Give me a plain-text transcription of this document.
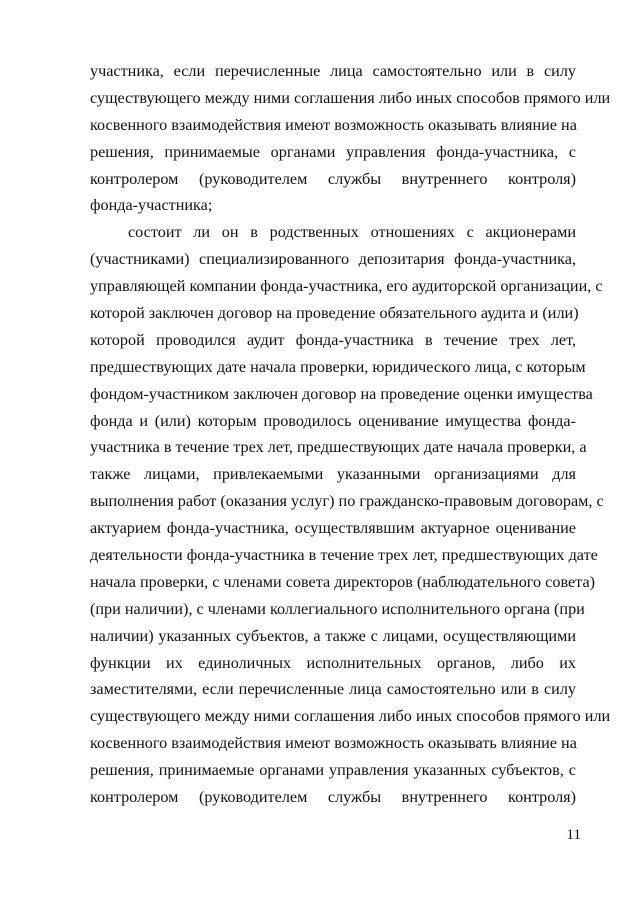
участника, если перечисленные лица самостоятельно или в силу
существующего между ними соглашения либо иных способов прямого или
косвенного взаимодействия имеют возможность оказывать влияние на
решения, принимаемые органами управления фонда-участника, с
контролером (руководителем службы внутреннего контроля)
фонда-участника;
состоит ли он в родственных отношениях с акционерами
(участниками) специализированного депозитария фонда-участника,
управляющей компании фонда-участника, его аудиторской организации, с
которой заключен договор на проведение обязательного аудита и (или)
которой проводился аудит фонда-участника в течение трех лет,
предшествующих дате начала проверки, юридического лица, с которым
фондом-участником заключен договор на проведение оценки имущества
фонда и (или) которым проводилось оценивание имущества фонда-
участника в течение трех лет, предшествующих дате начала проверки, а
также лицами, привлекаемыми указанными организациями для
выполнения работ (оказания услуг) по гражданско-правовым договорам, с
актуарием фонда-участника, осуществлявшим актуарное оценивание
деятельности фонда-участника в течение трех лет, предшествующих дате
начала проверки, с членами совета директоров (наблюдательного совета)
(при наличии), с членами коллегиального исполнительного органа (при
наличии) указанных субъектов, а также с лицами, осуществляющими
функции их единоличных исполнительных органов, либо их
заместителями, если перечисленные лица самостоятельно или в силу
существующего между ними соглашения либо иных способов прямого или
косвенного взаимодействия имеют возможность оказывать влияние на
решения, принимаемые органами управления указанных субъектов, с
контролером (руководителем службы внутреннего контроля)
11
